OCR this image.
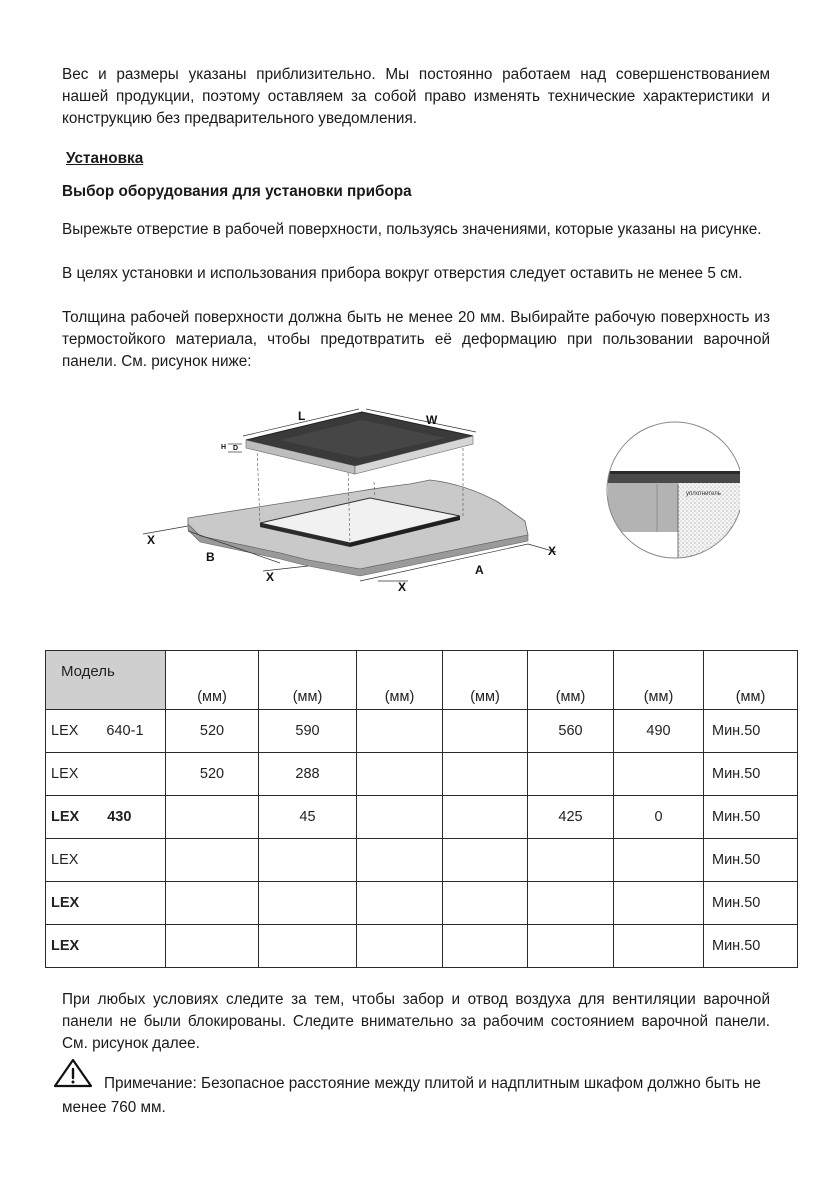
Вес и размеры указаны приблизительно. Мы постоянно работаем над совершенствованием нашей продукции, поэтому оставляем за собой право изменять технические характеристики и конструкцию без предварительного уведомления.

Установка

Выбор оборудования для установки прибора

Вырежьте отверстие в рабочей поверхности, пользуясь значениями, которые указаны на рисунке.

В целях установки и использования прибора вокруг отверстия следует оставить не менее 5 см.

Толщина рабочей поверхности должна быть не менее 20 мм. Выбирайте рабочую поверхность из термостойкого материала, чтобы предотвратить её деформацию при пользовании варочной панели. См. рисунок ниже:

L	W
H D
A
B
X
X
X
X
уплотнитель
Модель	(мм)	(мм)	(мм)	(мм)	(мм)	(мм)	(мм)
LEX 640-1	520	590			560	490	Мин.50
LEX	520	288					Мин.50
LEX 430		45			425	0	Мин.50
LEX							Мин.50
LEX							Мин.50
LEX							Мин.50

При любых условиях следите за тем, чтобы забор и отвод воздуха для вентиляции варочной панели не были блокированы. Следите внимательно за рабочим состоянием варочной панели. См. рисунок далее.

Примечание: Безопасное расстояние между плитой и надплитным шкафом должно быть не менее 760 мм.
